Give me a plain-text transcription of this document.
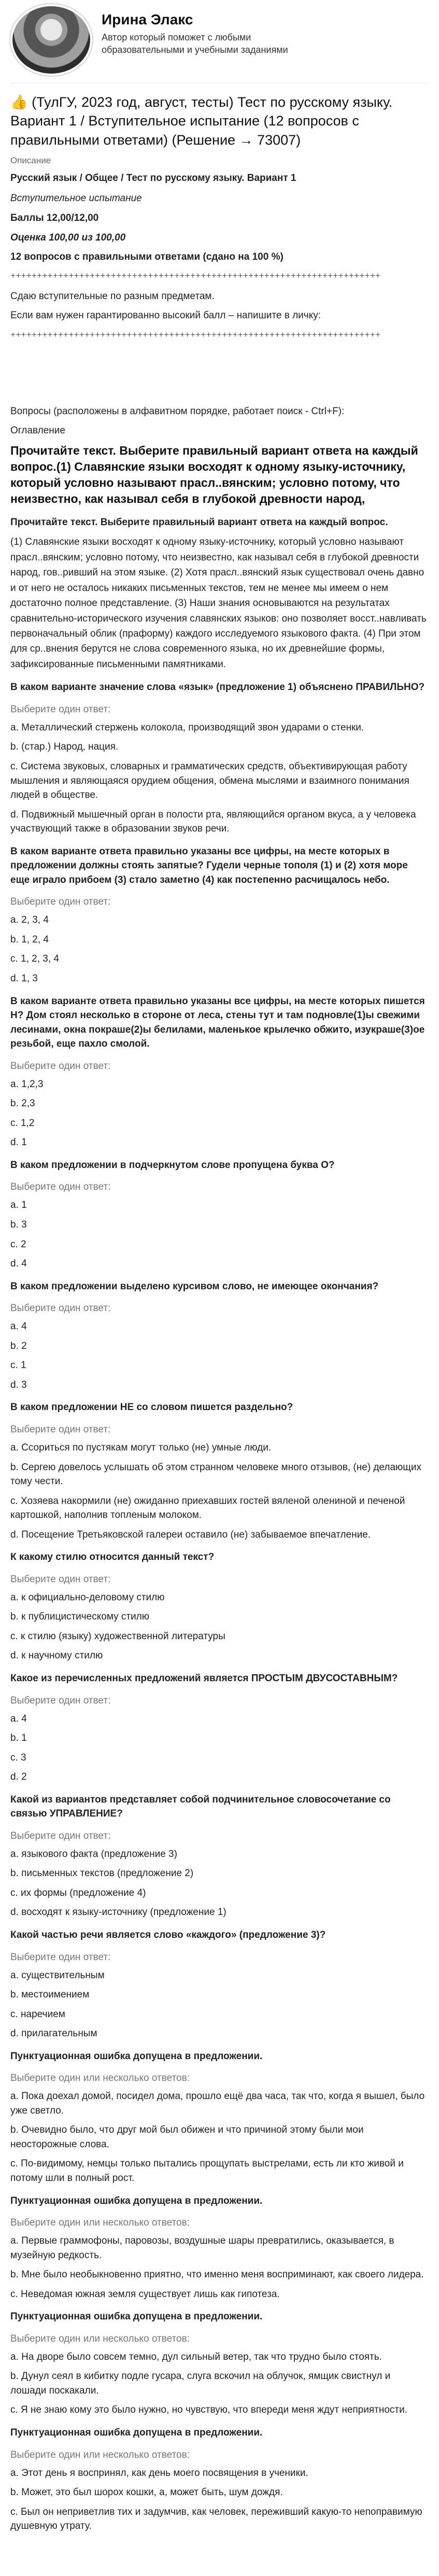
Ирина Элакс
Автор который поможет с любыми образовательными и учебными заданиями
👍 (ТулГУ, 2023 год, август, тесты) Тест по русскому языку. Вариант 1 / Вступительное испытание (12 вопросов с правильными ответами) (Решение → 73007)
Описание
Русский язык / Общее / Тест по русскому языку. Вариант 1
Вступительное испытание
Баллы 12,00/12,00
Оценка 100,00 из 100,00
12 вопросов с правильными ответами (сдано на 100 %)
++++++++++++++++++++++++++++++++++++++++++++++++++++++++++++++++++++++
Сдаю вступительные по разным предметам.
Если вам нужен гарантированно высокий балл – напишите в личку:
++++++++++++++++++++++++++++++++++++++++++++++++++++++++++++++++++++++
Вопросы (расположены в алфавитном порядке, работает поиск - Ctrl+F):
Оглавление
Прочитайте текст. Выберите правильный вариант ответа на каждый вопрос.(1) Славянские языки восходят к одному языку-источнику, который условно называют прасл..вянским; условно потому, что неизвестно, как называл себя в глубокой древности народ,
Прочитайте текст. Выберите правильный вариант ответа на каждый вопрос.
(1) Славянские языки восходят к одному языку-источнику, который условно называют прасл..вянским; условно потому, что неизвестно, как называл себя в глубокой древности народ, гов..ривший на этом языке. (2) Хотя прасл..вянский язык существовал очень давно и от него не осталось никаких письменных текстов, тем не менее мы имеем о нем достаточно полное представление. (3) Наши знания основываются на результатах сравнительно-исторического изучения славянских языков: оно позволяет восст..навливать первоначальный облик (праформу) каждого исследуемого языкового факта. (4) При этом для ср..внения берутся не слова современного языка, но их древнейшие формы, зафиксированные письменными памятниками.
В каком варианте значение слова «язык» (предложение 1) объяснено ПРАВИЛЬНО?
Выберите один ответ:
a. Металлический стержень колокола, производящий звон ударами о стенки.
b. (стар.) Народ, нация.
c. Система звуковых, словарных и грамматических средств, объективирующая работу мышления и являющаяся орудием общения, обмена мыслями и взаимного понимания людей в обществе.
d. Подвижный мышечный орган в полости рта, являющийся органом вкуса, а у человека участвующий также в образовании звуков речи.
В каком варианте ответа правильно указаны все цифры, на месте которых в предложении должны стоять запятые? Гудели черные тополя (1) и (2) хотя море еще играло прибоем (3) стало заметно (4) как постепенно расчищалось небо.
Выберите один ответ:
a. 2, 3, 4
b. 1, 2, 4
c. 1, 2, 3, 4
d. 1, 3
В каком варианте ответа правильно указаны все цифры, на месте которых пишется Н? Дом стоял несколько в стороне от леса, стены тут и там подновле(1)ы свежими лесинами, окна покраше(2)ы белилами, маленькое крылечко обжито, изукраше(3)ое резьбой, еще пахло смолой.
Выберите один ответ:
a. 1,2,3
b. 2,3
c. 1,2
d. 1
В каком предложении в подчеркнутом слове пропущена буква О?
Выберите один ответ:
a. 1
b. 3
c. 2
d. 4
В каком предложении выделено курсивом слово, не имеющее окончания?
Выберите один ответ:
a. 4
b. 2
c. 1
d. 3
В каком предложении НЕ со словом пишется раздельно?
Выберите один ответ:
a. Ссориться по пустякам могут только (не) умные люди.
b. Сергею довелось услышать об этом странном человеке много отзывов, (не) делающих тому чести.
c. Хозяева накормили (не) ожиданно приехавших гостей вяленой олениной и печеной картошкой, наполнив топленым молоком.
d. Посещение Третьяковской галереи оставило (не) забываемое впечатление.
К какому стилю относится данный текст?
Выберите один ответ:
a. к официально-деловому стилю
b. к публицистическому стилю
c. к стилю (языку) художественной литературы
d. к научному стилю
Какое из перечисленных предложений является ПРОСТЫМ ДВУСОСТАВНЫМ?
Выберите один ответ:
a. 4
b. 1
c. 3
d. 2
Какой из вариантов представляет собой подчинительное словосочетание со связью УПРАВЛЕНИЕ?
Выберите один ответ:
a. языкового факта (предложение 3)
b. письменных текстов (предложение 2)
c. их формы (предложение 4)
d. восходят к языку-источнику (предложение 1)
Какой частью речи является слово «каждого» (предложение 3)?
Выберите один ответ:
a. существительным
b. местоимением
c. наречием
d. прилагательным
Пунктуационная ошибка допущена в предложении.
Выберите один или несколько ответов:
a. Пока доехал домой, посидел дома, прошло ещё два часа, так что, когда я вышел, было уже светло.
b. Очевидно было, что друг мой был обижен и что причиной этому были мои неосторожные слова.
c. По-видимому, немцы только пытались прощупать выстрелами, есть ли кто живой и потому шли в полный рост.
Пунктуационная ошибка допущена в предложении.
Выберите один или несколько ответов:
a. Первые граммофоны, паровозы, воздушные шары превратились, оказывается, в музейную редкость.
b. Мне было необыкновенно приятно, что именно меня восприминают, как своего лидера.
c. Неведомая южная земля существует лишь как гипотеза.
Пунктуационная ошибка допущена в предложении.
Выберите один или несколько ответов:
a. На дворе было совсем темно, дул сильный ветер, так что трудно было стоять.
b. Дунул сеял в кибитку подле гусара, слуга вскочил на облучок, ямщик свистнул и лошади поскакали.
c. Я не знаю кому это было нужно, но чувствую, что впереди меня ждут неприятности.
Пунктуационная ошибка допущена в предложении.
Выберите один или несколько ответов:
a. Этот день я воспринял, как день моего посвящения в ученики.
b. Может, это был шорох кошки, а, может быть, шум дождя.
c. Был он неприветлив тих и задумчив, как человек, переживший какую-то непоправимую душевную утрату.
